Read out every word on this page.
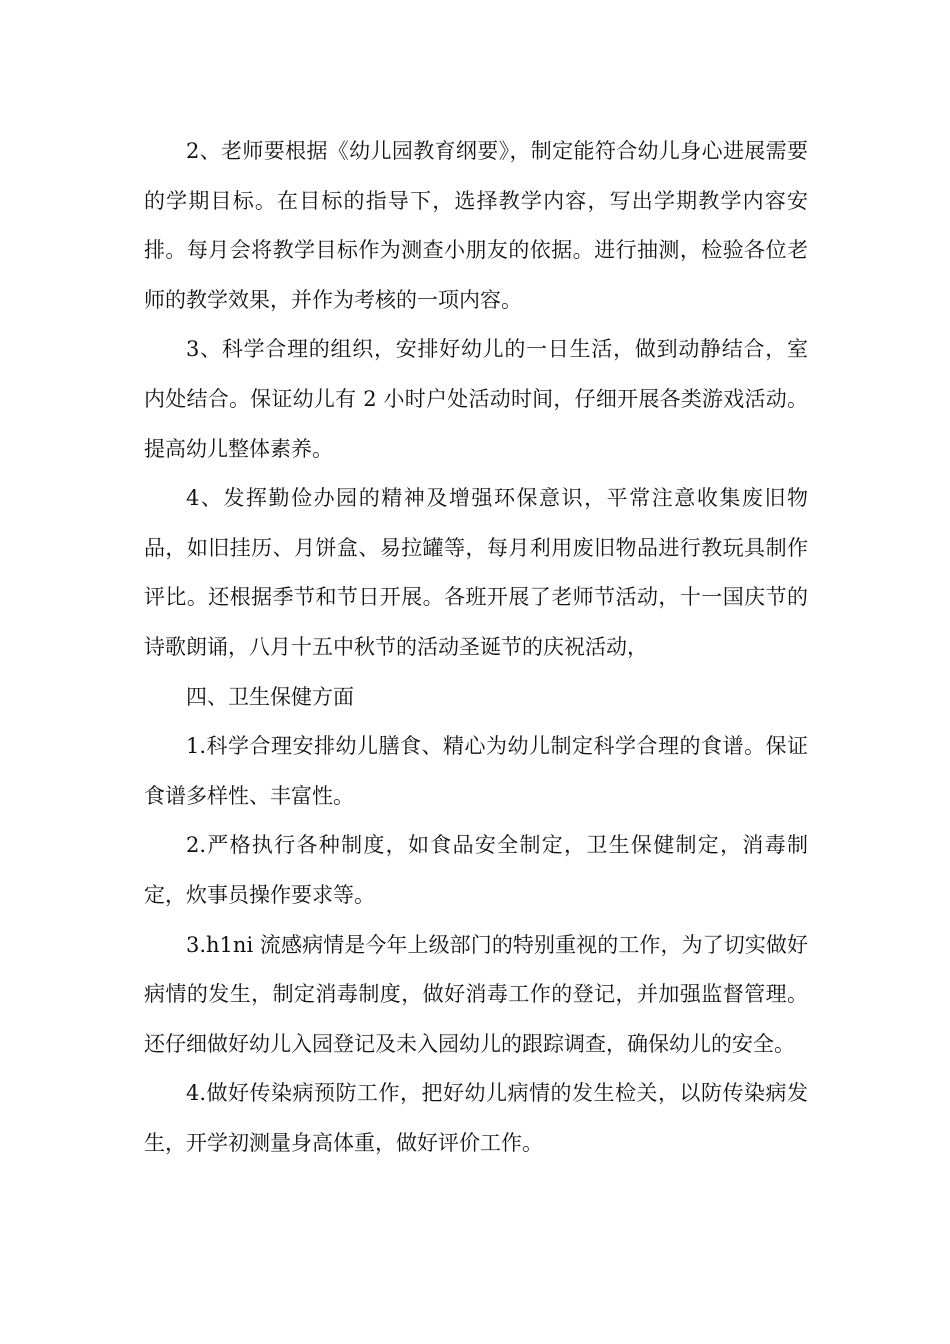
2、老师要根据《幼儿园教育纲要》，制定能符合幼儿身心进展需要的学期目标。在目标的指导下，选择教学内容，写出学期教学内容安排。每月会将教学目标作为测查小朋友的依据。进行抽测，检验各位老师的教学效果，并作为考核的一项内容。

3、科学合理的组织，安排好幼儿的一日生活，做到动静结合，室内处结合。保证幼儿有 2 小时户处活动时间，仔细开展各类游戏活动。提高幼儿整体素养。

4、发挥勤俭办园的精神及增强环保意识，平常注意收集废旧物品，如旧挂历、月饼盒、易拉罐等，每月利用废旧物品进行教玩具制作评比。还根据季节和节日开展。各班开展了老师节活动，十一国庆节的诗歌朗诵，八月十五中秋节的活动圣诞节的庆祝活动，

四、卫生保健方面

1.科学合理安排幼儿膳食、精心为幼儿制定科学合理的食谱。保证食谱多样性、丰富性。

2.严格执行各种制度，如食品安全制定，卫生保健制定，消毒制定，炊事员操作要求等。

3.h1ni 流感病情是今年上级部门的特别重视的工作，为了切实做好病情的发生，制定消毒制度，做好消毒工作的登记，并加强监督管理。还仔细做好幼儿入园登记及未入园幼儿的跟踪调查，确保幼儿的安全。

4.做好传染病预防工作，把好幼儿病情的发生检关，以防传染病发生，开学初测量身高体重，做好评价工作。
